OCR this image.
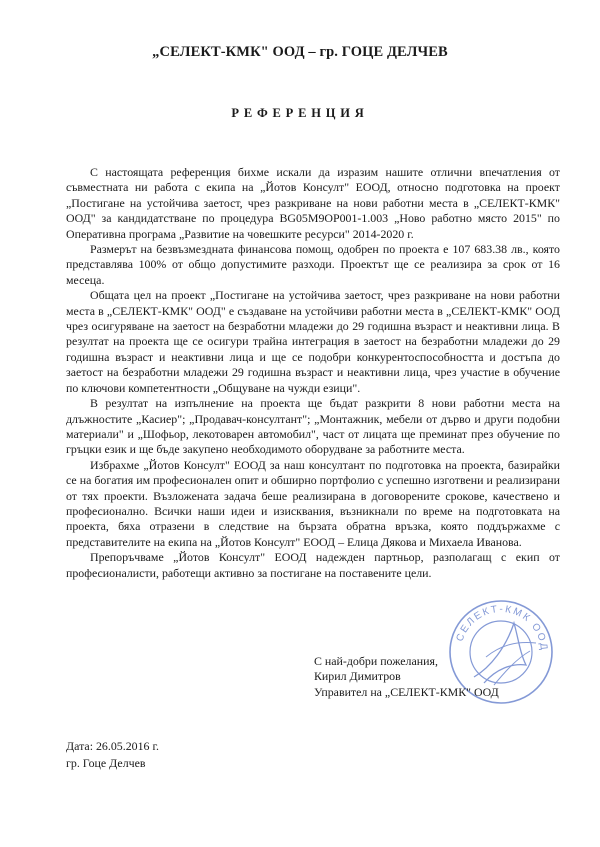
„СЕЛЕКТ-КМК" ООД – гр. ГОЦЕ ДЕЛЧЕВ
РЕФЕРЕНЦИЯ

С настоящата референция бихме искали да изразим нашите отлични впечатления от съвместната ни работа с екипа на „Йотов Консулт" ЕООД, относно подготовка на проект „Постигане на устойчива заетост, чрез разкриване на нови работни места в „СЕЛЕКТ-КМК" ООД" за кандидатстване по процедура BG05M9OP001-1.003 „Ново работно място 2015" по Оперативна програма „Развитие на човешките ресурси" 2014-2020 г.

Размерът на безвъзмездната финансова помощ, одобрен по проекта е 107 683.38 лв., която представлява 100% от общо допустимите разходи. Проектът ще се реализира за срок от 16 месеца.

Общата цел на проект „Постигане на устойчива заетост, чрез разкриване на нови работни места в „СЕЛЕКТ-КМК" ООД" е създаване на устойчиви работни места в „СЕЛЕКТ-КМК" ООД чрез осигуряване на заетост на безработни младежи до 29 годишна възраст и неактивни лица. В резултат на проекта ще се осигури трайна интеграция в заетост на безработни младежи до 29 годишна възраст и неактивни лица и ще се подобри конкурентоспособността и достъпа до заетост на безработни младежи 29 годишна възраст и неактивни лица, чрез участие в обучение по ключови компетентности „Общуване на чужди езици".

В резултат на изпълнение на проекта ще бъдат разкрити 8 нови работни места на длъжностите „Касиер"; „Продавач-консултант"; „Монтажник, мебели от дърво и други подобни материали" и „Шофьор, лекотоварен автомобил", част от лицата ще преминат през обучение по гръцки език и ще бъде закупено необходимото оборудване за работните места.

Избрахме „Йотов Консулт" ЕООД за наш консултант по подготовка на проекта, базирайки се на богатия им професионален опит и обширно портфолио с успешно изготвени и реализирани от тях проекти. Възложената задача беше реализирана в договорените срокове, качествено и професионално. Всички наши идеи и изисквания, възникнали по време на подготовката на проекта, бяха отразени в следствие на бързата обратна връзка, която поддържахме с представителите на екипа на „Йотов Консулт" ЕООД – Елица Дякова и Михаела Иванова.

Препоръчваме „Йотов Консулт" ЕООД надежден партньор, разполагащ с екип от професионалисти, работещи активно за постигане на поставените цели.

СЕЛЕКТ-КМК ООД
С най-добри пожелания,
Кирил Димитров
Управител на „СЕЛЕКТ-КМК" ООД
Дата: 26.05.2016 г.
гр. Гоце Делчев
